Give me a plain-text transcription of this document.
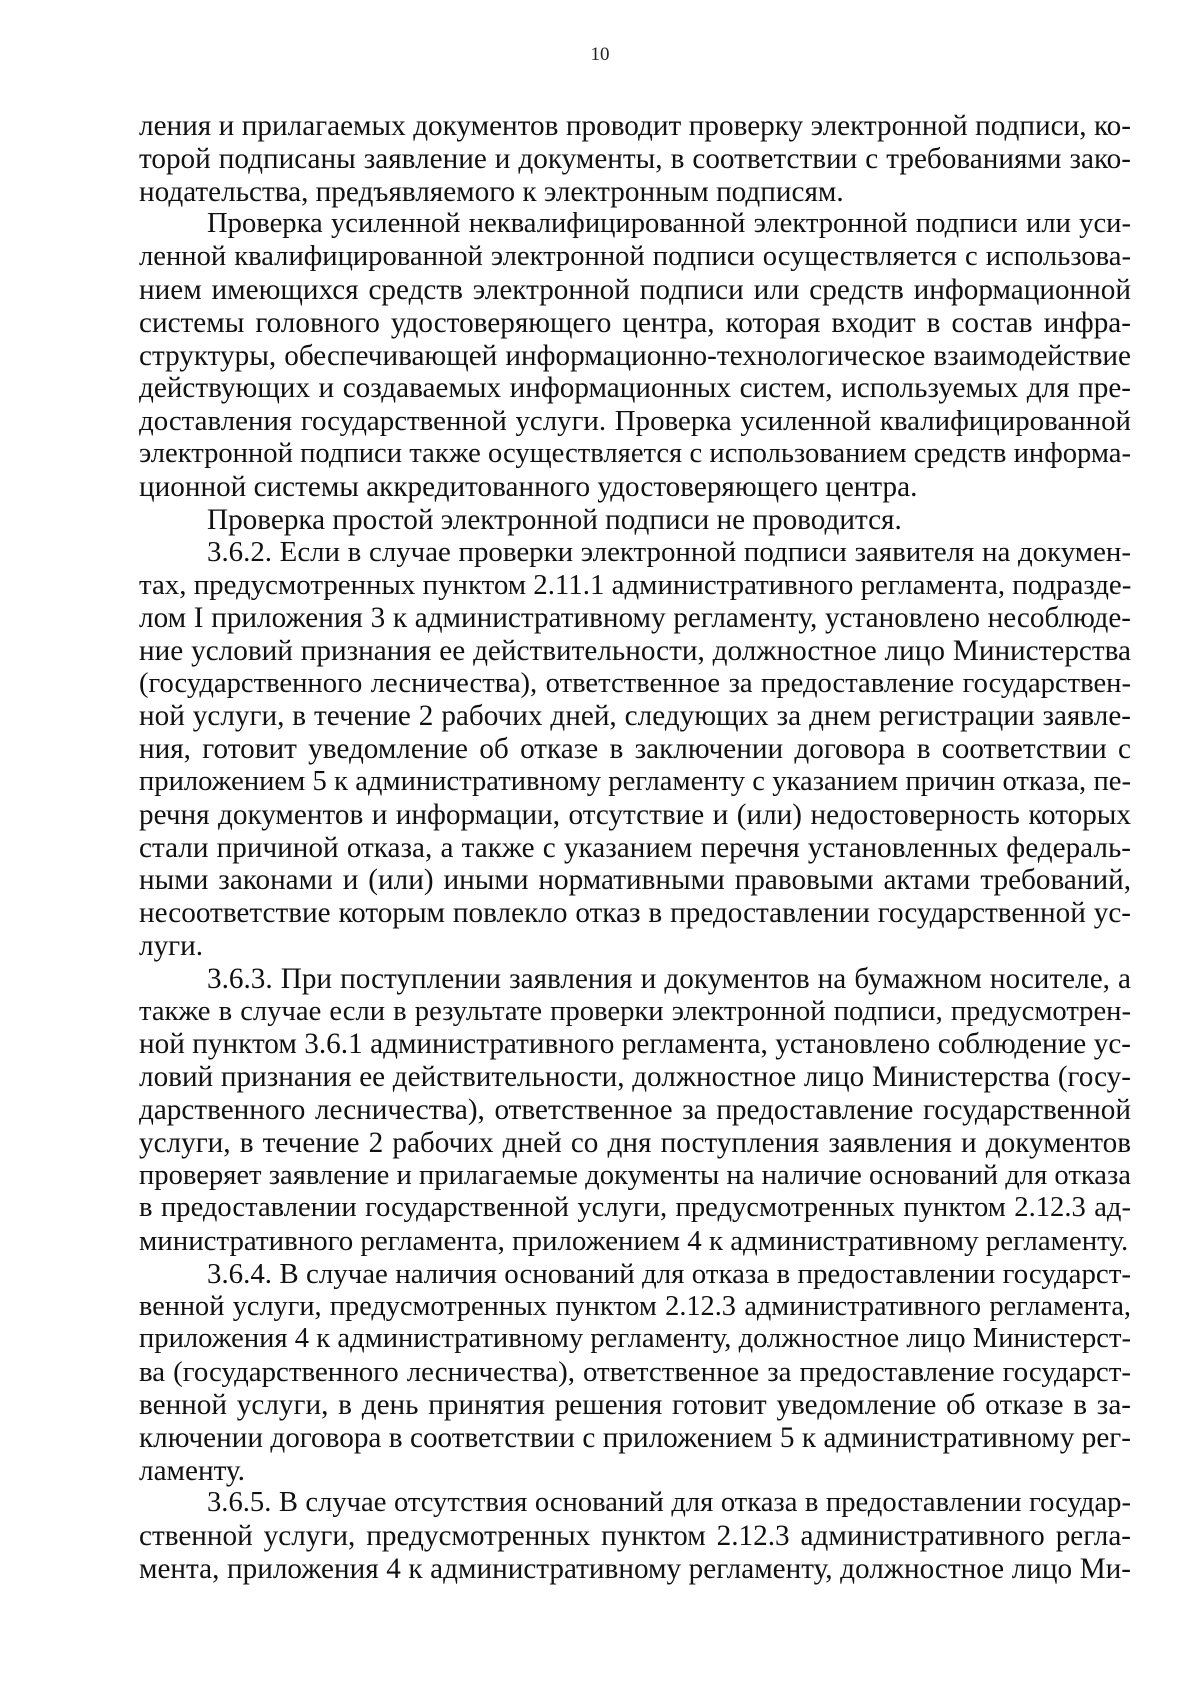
10
ления и прилагаемых документов проводит проверку электронной подписи, ко-
торой подписаны заявление и документы, в соответствии с требованиями зако-
нодательства, предъявляемого к электронным подписям.
Проверка усиленной неквалифицированной электронной подписи или уси-
ленной квалифицированной электронной подписи осуществляется с использова-
нием имеющихся средств электронной подписи или средств информационной
системы головного удостоверяющего центра, которая входит в состав инфра-
структуры, обеспечивающей информационно-технологическое взаимодействие
действующих и создаваемых информационных систем, используемых для пре-
доставления государственной услуги. Проверка усиленной квалифицированной
электронной подписи также осуществляется с использованием средств информа-
ционной системы аккредитованного удостоверяющего центра.
Проверка простой электронной подписи не проводится.
3.6.2. Если в случае проверки электронной подписи заявителя на докумен-
тах, предусмотренных пунктом 2.11.1 административного регламента, подразде-
лом I приложения 3 к административному регламенту, установлено несоблюде-
ние условий признания ее действительности, должностное лицо Министерства
(государственного лесничества), ответственное за предоставление государствен-
ной услуги, в течение 2 рабочих дней, следующих за днем регистрации заявле-
ния, готовит уведомление об отказе в заключении договора в соответствии с
приложением 5 к административному регламенту с указанием причин отказа, пе-
речня документов и информации, отсутствие и (или) недостоверность которых
стали причиной отказа, а также с указанием перечня установленных федераль-
ными законами и (или) иными нормативными правовыми актами требований,
несоответствие которым повлекло отказ в предоставлении государственной ус-
луги.
3.6.3. При поступлении заявления и документов на бумажном носителе, а
также в случае если в результате проверки электронной подписи, предусмотрен-
ной пунктом 3.6.1 административного регламента, установлено соблюдение ус-
ловий признания ее действительности, должностное лицо Министерства (госу-
дарственного лесничества), ответственное за предоставление государственной
услуги, в течение 2 рабочих дней со дня поступления заявления и документов
проверяет заявление и прилагаемые документы на наличие оснований для отказа
в предоставлении государственной услуги, предусмотренных пунктом 2.12.3 ад-
министративного регламента, приложением 4 к административному регламенту.
3.6.4. В случае наличия оснований для отказа в предоставлении государст-
венной услуги, предусмотренных пунктом 2.12.3 административного регламента,
приложения 4 к административному регламенту, должностное лицо Министерст-
ва (государственного лесничества), ответственное за предоставление государст-
венной услуги, в день принятия решения готовит уведомление об отказе в за-
ключении договора в соответствии с приложением 5 к административному рег-
ламенту.
3.6.5. В случае отсутствия оснований для отказа в предоставлении государ-
ственной услуги, предусмотренных пунктом 2.12.3 административного регла-
мента, приложения 4 к административному регламенту, должностное лицо Ми-
